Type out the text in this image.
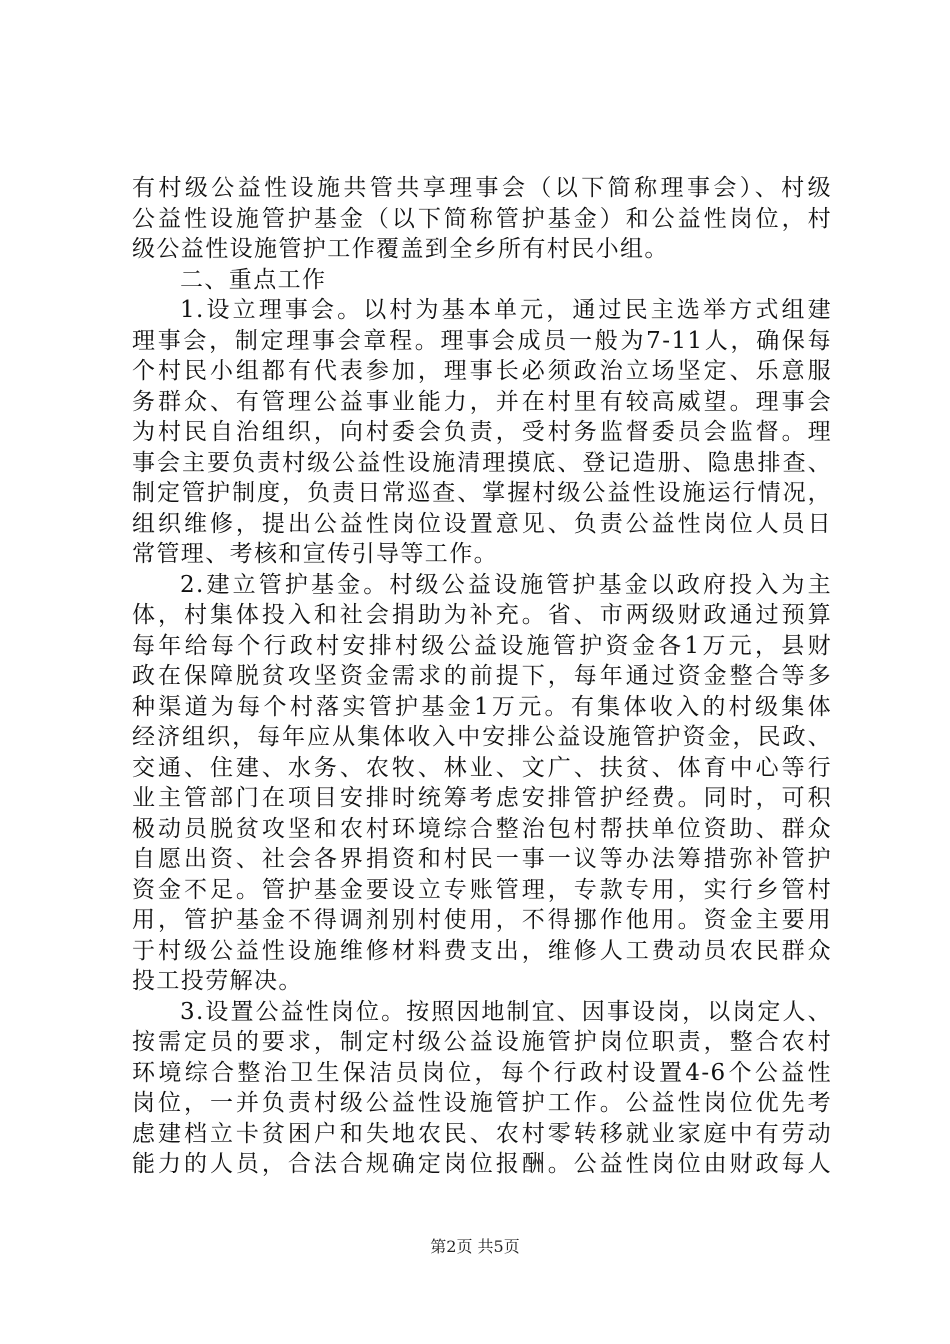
有村级公益性设施共管共享理事会（以下简称理事会）、村级
公益性设施管护基金（以下简称管护基金）和公益性岗位，村
级公益性设施管护工作覆盖到全乡所有村民小组。
二、重点工作
1.设立理事会。以村为基本单元，通过民主选举方式组建
理事会，制定理事会章程。理事会成员一般为7-11人，确保每
个村民小组都有代表参加，理事长必须政治立场坚定、乐意服
务群众、有管理公益事业能力，并在村里有较高威望。理事会
为村民自治组织，向村委会负责，受村务监督委员会监督。理
事会主要负责村级公益性设施清理摸底、登记造册、隐患排查、
制定管护制度，负责日常巡查、掌握村级公益性设施运行情况，
组织维修，提出公益性岗位设置意见、负责公益性岗位人员日
常管理、考核和宣传引导等工作。
2.建立管护基金。村级公益设施管护基金以政府投入为主
体，村集体投入和社会捐助为补充。省、市两级财政通过预算
每年给每个行政村安排村级公益设施管护资金各1万元，县财
政在保障脱贫攻坚资金需求的前提下，每年通过资金整合等多
种渠道为每个村落实管护基金1万元。有集体收入的村级集体
经济组织，每年应从集体收入中安排公益设施管护资金，民政、
交通、住建、水务、农牧、林业、文广、扶贫、体育中心等行
业主管部门在项目安排时统筹考虑安排管护经费。同时，可积
极动员脱贫攻坚和农村环境综合整治包村帮扶单位资助、群众
自愿出资、社会各界捐资和村民一事一议等办法筹措弥补管护
资金不足。管护基金要设立专账管理，专款专用，实行乡管村
用，管护基金不得调剂别村使用，不得挪作他用。资金主要用
于村级公益性设施维修材料费支出，维修人工费动员农民群众
投工投劳解决。
3.设置公益性岗位。按照因地制宜、因事设岗，以岗定人、
按需定员的要求，制定村级公益设施管护岗位职责，整合农村
环境综合整治卫生保洁员岗位，每个行政村设置4-6个公益性
岗位，一并负责村级公益性设施管护工作。公益性岗位优先考
虑建档立卡贫困户和失地农民、农村零转移就业家庭中有劳动
能力的人员，合法合规确定岗位报酬。公益性岗位由财政每人
第2页 共5页
